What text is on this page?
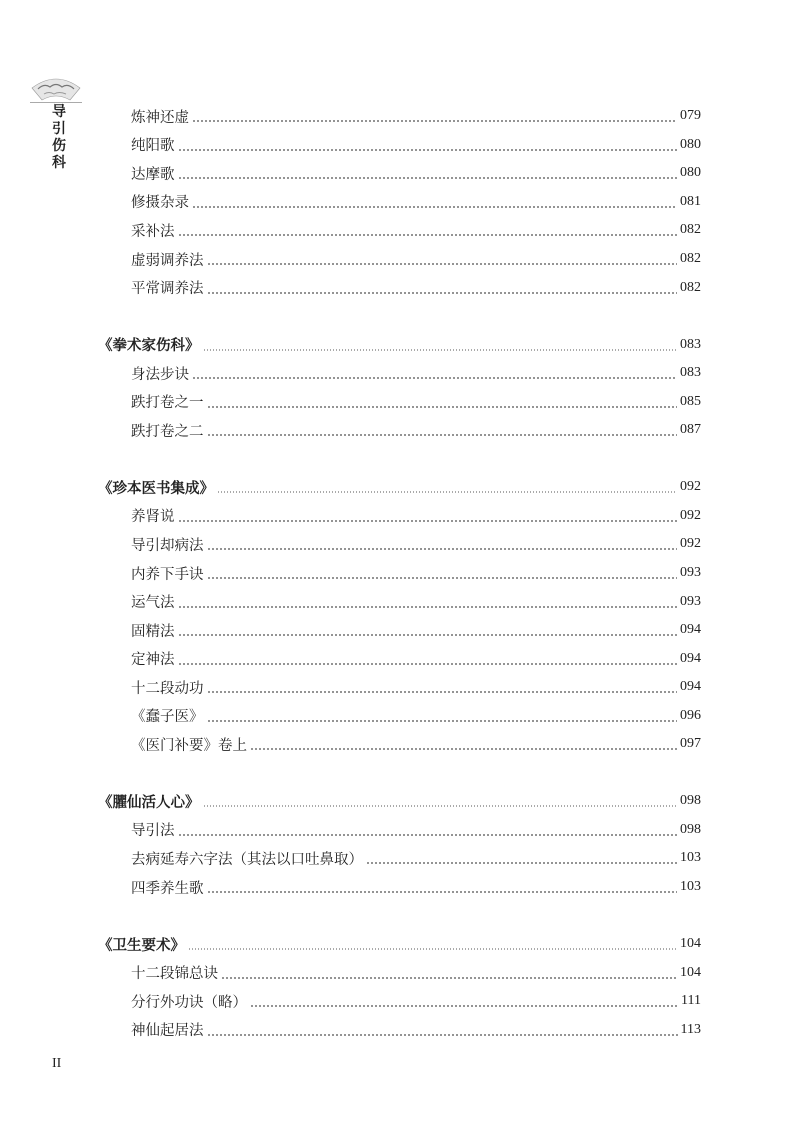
导
引
伤
科
炼神还虚	079
纯阳歌	080
达摩歌	080
修摄杂录	081
采补法	082
虚弱调养法	082
平常调养法	082
《拳术家伤科》	083
身法步诀	083
跌打卷之一	085
跌打卷之二	087
《珍本医书集成》	092
养肾说	092
导引却病法	092
内养下手诀	093
运气法	093
固精法	094
定神法	094
十二段动功	094
《蠢子医》	096
《医门补要》卷上	097
《臞仙活人心》	098
导引法	098
去病延寿六字法（其法以口吐鼻取）	103
四季养生歌	103
《卫生要术》	104
十二段锦总诀	104
分行外功诀（略）	111
神仙起居法	113
II
